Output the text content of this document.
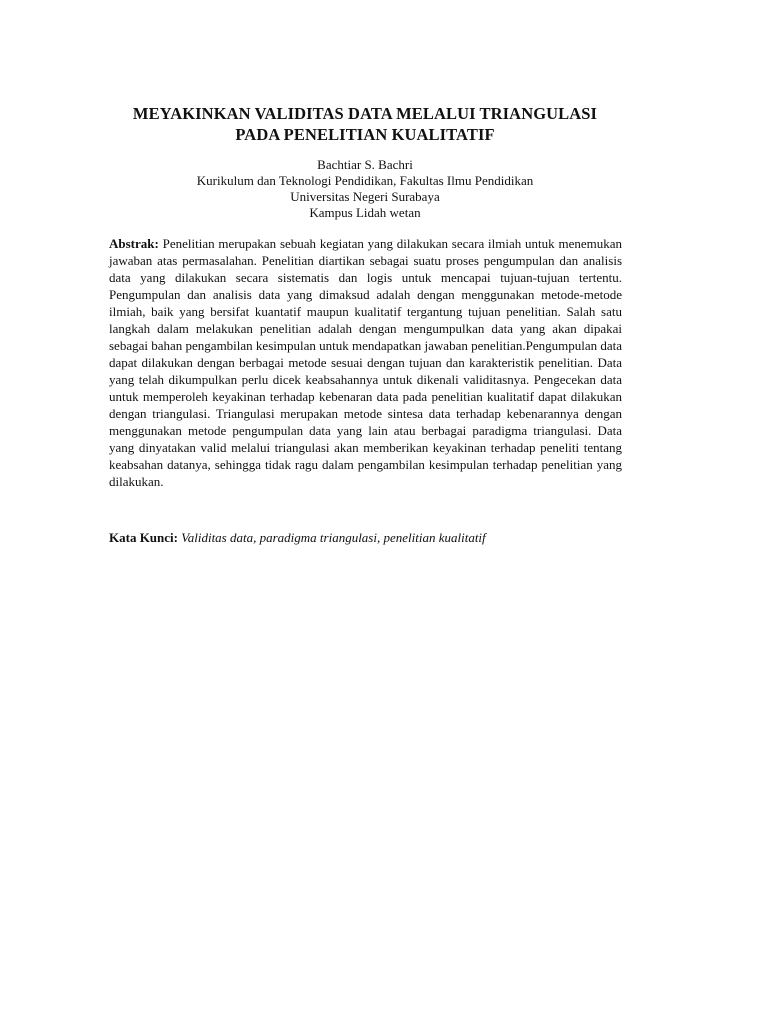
MEYAKINKAN VALIDITAS DATA MELALUI TRIANGULASI
PADA PENELITIAN KUALITATIF
Bachtiar S. Bachri
Kurikulum dan Teknologi Pendidikan, Fakultas Ilmu Pendidikan
Universitas Negeri Surabaya
Kampus Lidah wetan

Abstrak: Penelitian merupakan sebuah kegiatan yang dilakukan secara ilmiah untuk menemukan jawaban atas permasalahan. Penelitian diartikan sebagai suatu proses pengumpulan dan analisis data yang dilakukan secara sistematis dan logis untuk mencapai tujuan-tujuan tertentu. Pengumpulan dan analisis data yang dimaksud adalah dengan menggunakan metode-metode ilmiah, baik yang bersifat kuantatif maupun kualitatif tergantung tujuan penelitian. Salah satu langkah dalam melakukan penelitian adalah dengan mengumpulkan data yang akan dipakai sebagai bahan pengambilan kesimpulan untuk mendapatkan jawaban penelitian.Pengumpulan data dapat dilakukan dengan berbagai metode sesuai dengan tujuan dan karakteristik penelitian. Data yang telah dikumpulkan perlu dicek keabsahannya untuk dikenali validitasnya. Pengecekan data untuk memperoleh keyakinan terhadap kebenaran data pada penelitian kualitatif dapat dilakukan dengan triangulasi. Triangulasi merupakan metode sintesa data terhadap kebenarannya dengan menggunakan metode pengumpulan data yang lain atau berbagai paradigma triangulasi. Data yang dinyatakan valid melalui triangulasi akan memberikan keyakinan terhadap peneliti tentang keabsahan datanya, sehingga tidak ragu dalam pengambilan kesimpulan terhadap penelitian yang dilakukan.

Kata Kunci: Validitas data, paradigma triangulasi, penelitian kualitatif
